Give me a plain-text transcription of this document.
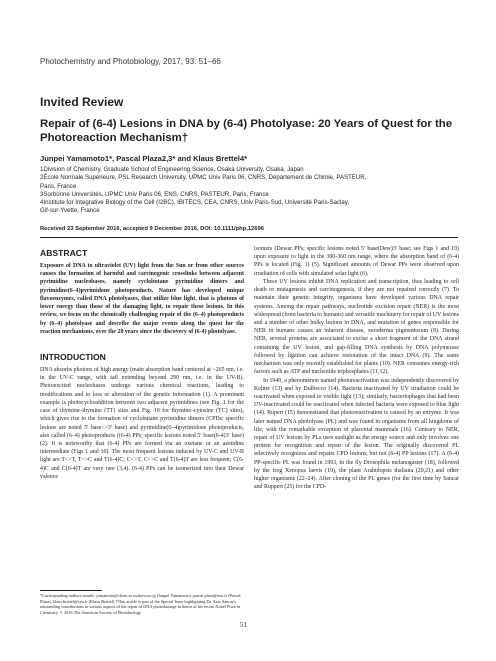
Photochemistry and Photobiology, 2017, 93: 51–66
Invited Review
Repair of (6-4) Lesions in DNA by (6-4) Photolyase: 20 Years of Quest for the Photoreaction Mechanism†
Junpei Yamamoto1*, Pascal Plaza2,3* and Klaus Brettel4*
1Division of Chemistry, Graduate School of Engineering Science, Osaka University, Osaka, Japan
2École Normale Supérieure, PSL Research University, UPMC Univ Paris 06, CNRS, Département de Chimie, PASTEUR,
Paris, France
3Sorbonne Universités, UPMC Univ Paris 06, ENS, CNRS, PASTEUR, Paris, France
4Institute for Integrative Biology of the Cell (I2BC), IBITECS, CEA, CNRS, Univ Paris-Sud, Université Paris-Saclay,
Gif-sur-Yvette, France
Received 23 September 2016, accepted 9 December 2016, DOI: 10.1111/php.12696
ABSTRACT

Exposure of DNA to ultraviolet (UV) light from the Sun or from other sources causes the formation of harmful and carcinogenic crosslinks between adjacent pyrimidine nucleobases, namely cyclobutane pyrimidine dimers and pyrimidine(6–4)pyrimidone photoproducts. Nature has developed unique flavoenzymes, called DNA photolyases, that utilize blue light, that is photons of lower energy than those of the damaging light, to repair these lesions. In this review, we focus on the chemically challenging repair of the (6–4) photoproducts by (6–4) photolyase and describe the major events along the quest for the reaction mechanisms, over the 20 years since the discovery of (6-4) photolyase.

INTRODUCTION

DNA absorbs photons of high energy (main absorption band centered at ~265 nm, i.e. in the UV-C range, with tail extending beyond 290 nm, i.e. in the UV-B). Photoexcited nucleobases undergo various chemical reactions, leading to modifications and to loss or alteration of the genetic information (1). A prominent example is photocycloaddition between two adjacent pyrimidines (see Fig. 1 for the case of thymine–thymine (TT) sites and Fig. 10 for thymine–cytosine (TC) sites), which gives rise to the formation of cyclobutane pyrimidine dimers (CPDs; specific lesions are noted 5′ base<>3′ base) and pyrimidine(6–4)pyrimidone photoproducts, also called (6–4) photoproducts ((6-4) PPs; specific lesions noted 5′ base(6-4)3′ base) (2). It is noteworthy that (6-4) PPs are formed via an oxetane or an azetidine intermediate (Figs 1 and 10). The most frequent lesions induced by UV-C and UV-B light are T<>T, T<>C and T(6-4)C; C<>T, C<>C and T(6-4)T are less frequent; C(6-4)C and C(6-4)T are very rare (3,4). (6-4) PPs can be isomerized into their Dewar valence

isomers (Dewar PPs; specific lesions noted 5′ base(Dew)3′ base; see Figs 1 and 10) upon exposure to light in the 300-360 nm range, where the absorption band of (6-4) PPs is located (Fig. 1) (5). Significant amounts of Dewar PPs were observed upon irradiation of cells with simulated solar light (6).

These UV lesions inhibit DNA replication and transcription, thus leading to cell death or mutagenesis and carcinogenesis, if they are not repaired correctly (7). To maintain their genetic integrity, organisms have developed various DNA repair systems. Among the repair pathways, nucleotide excision repair (NER) is the most widespread (from bacteria to humans) and versatile machinery for repair of UV lesions and a number of other bulky lesions in DNA, and mutation of genes responsible for NER in humans causes an inherent disease, xeroderma pigmentosum (8). During NER, several proteins are associated to excise a short fragment of the DNA strand containing the UV lesion, and gap-filling DNA synthesis by DNA polymerase followed by ligation can achieve restoration of the intact DNA (9). The same mechanism was only recently established for plants (10). NER consumes energy-rich factors such as ATP and nucleotide triphosphates (11,12).

In 1949, a phenomenon named photoreactivation was independently discovered by Kelner (13) and by Dulbecco (14). Bacteria inactivated by UV irradiation could be reactivated when exposed to visible light (13); similarly, bacteriophages that had been UV-inactivated could be reactivated when infected bacteria were exposed to blue light (14). Rupert (15) demonstrated that photoreactivation is caused by an enzyme. It was later named DNA photolyase (PL) and was found in organisms from all kingdoms of life, with the remarkable exception of placental mammals (16). Contrary to NER, repair of UV lesions by PLs uses sunlight as the energy source and only involves one protein for recognition and repair of the lesion. The originally discovered PL selectively recognizes and repairs CPD lesions, but not (6-4) PP lesions (17). A (6-4) PP-specific PL was found in 1993, in the fly Drosophila melanogaster (18), followed by the frog Xenopus laevis (19), the plant Arabidopsis thaliana (20,21) and other higher organisms (22–24). After cloning of the PL genes (for the first time by Sancar and Ruppert (25) for the CPD-

*Corresponding authors emails: yamamoto@chem.es.osaka-u.ac.jp (Junpei Yamamoto), pascal.plaza@ens.fr (Pascal Plaza), klaus.brettel@cea.fr (Klaus Brettel) †This article is part of the Special Issue highlighting Dr. Aziz Sancar's outstanding contributions to various aspects of the repair of DNA photodamage in honor of his recent Nobel Prize in Chemistry. © 2016 The American Society of Photobiology
51
